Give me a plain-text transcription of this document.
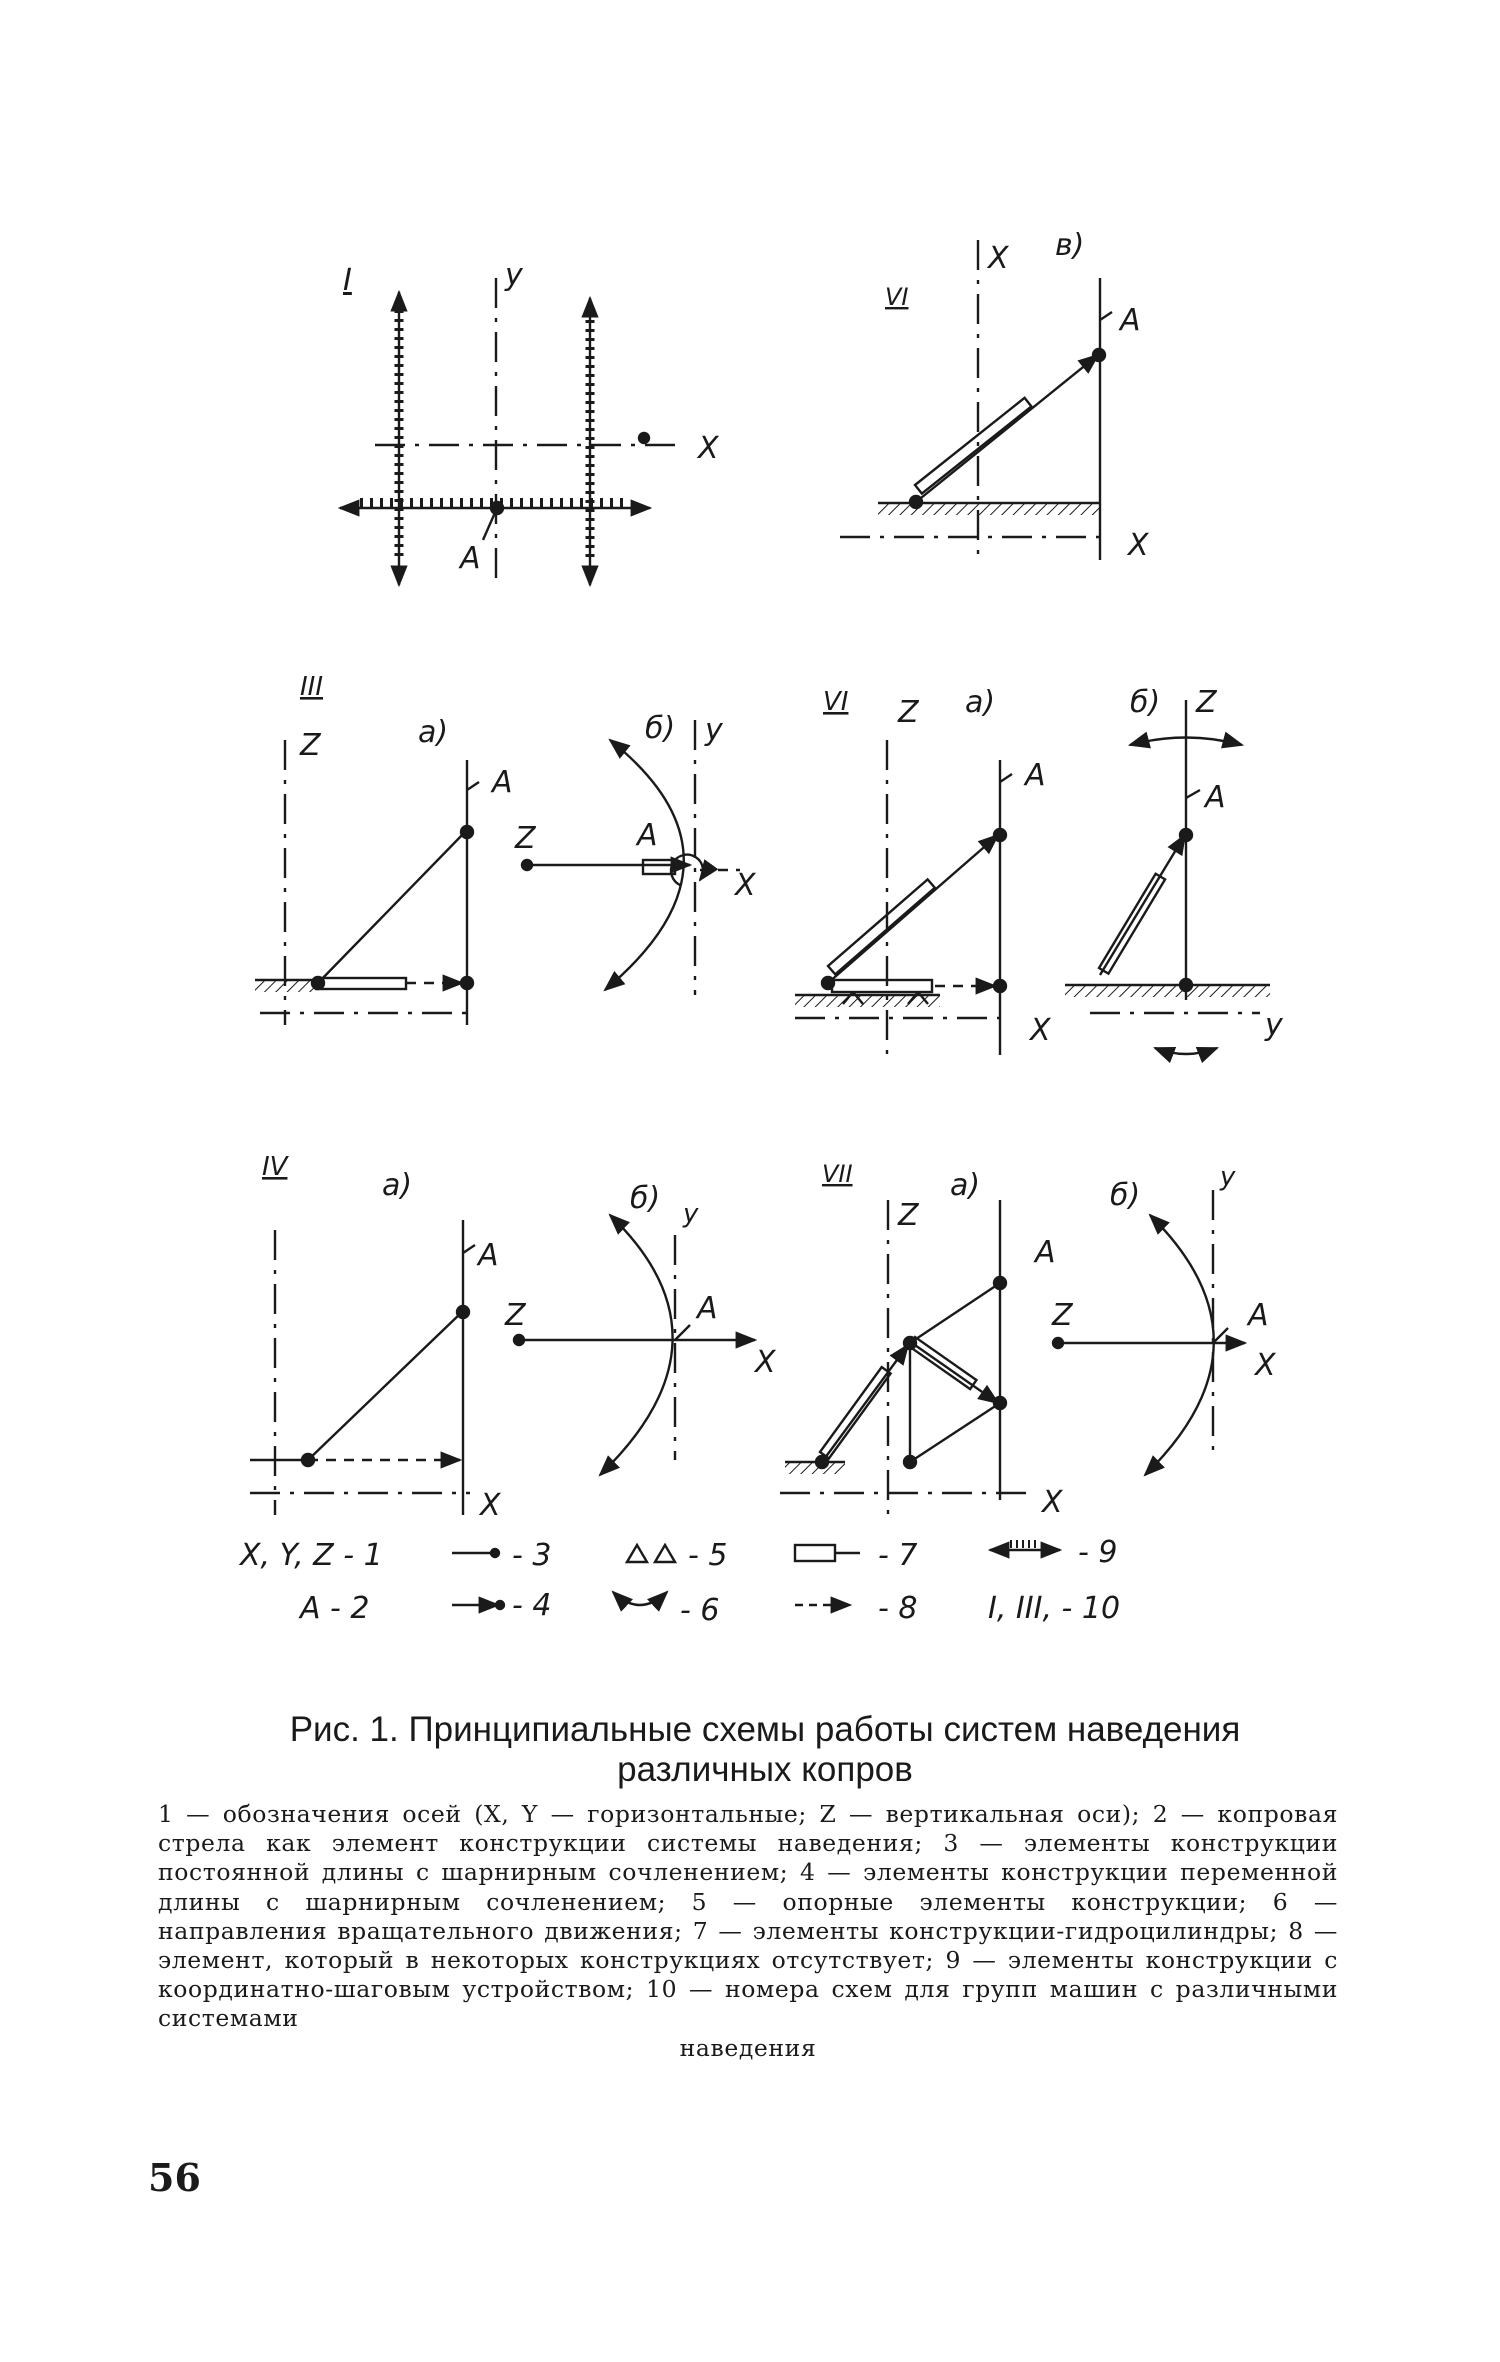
I	y
X
A
VI
в)
X
A
X
III
а)
Z
A
б) y
Z	A
X
VI Z а)
A
X
б) Z
A
y
IV
а)
A
X
б) y
Z	A
X
VII
Z
а)
A
X
б)
y
Z	A
X
X, Y, Z - 1
A - 2
- 3
- 4
- 5
- 6
- 7
- 8
- 9
I, III, - 10
Рис. 1. Принципиальные схемы работы систем наведения
различных копров
1 — обозначения осей (X, Y — горизонтальные; Z — вертикальная оси); 2 — копровая стрела как элемент конструкции системы наведения; 3 — элементы конструкции постоянной длины с шарнирным сочленением; 4 — элементы конструкции переменной длины с шарнирным сочленением; 5 — опорные элементы конструкции; 6 — направления вращательного движения; 7 — элементы конструкции-гидроцилиндры; 8 — элемент, который в некоторых конструкциях отсутствует; 9 — элементы конструкции с координатно-шаговым устройством; 10 — номера схем для групп машин с различными системами
наведения
56
